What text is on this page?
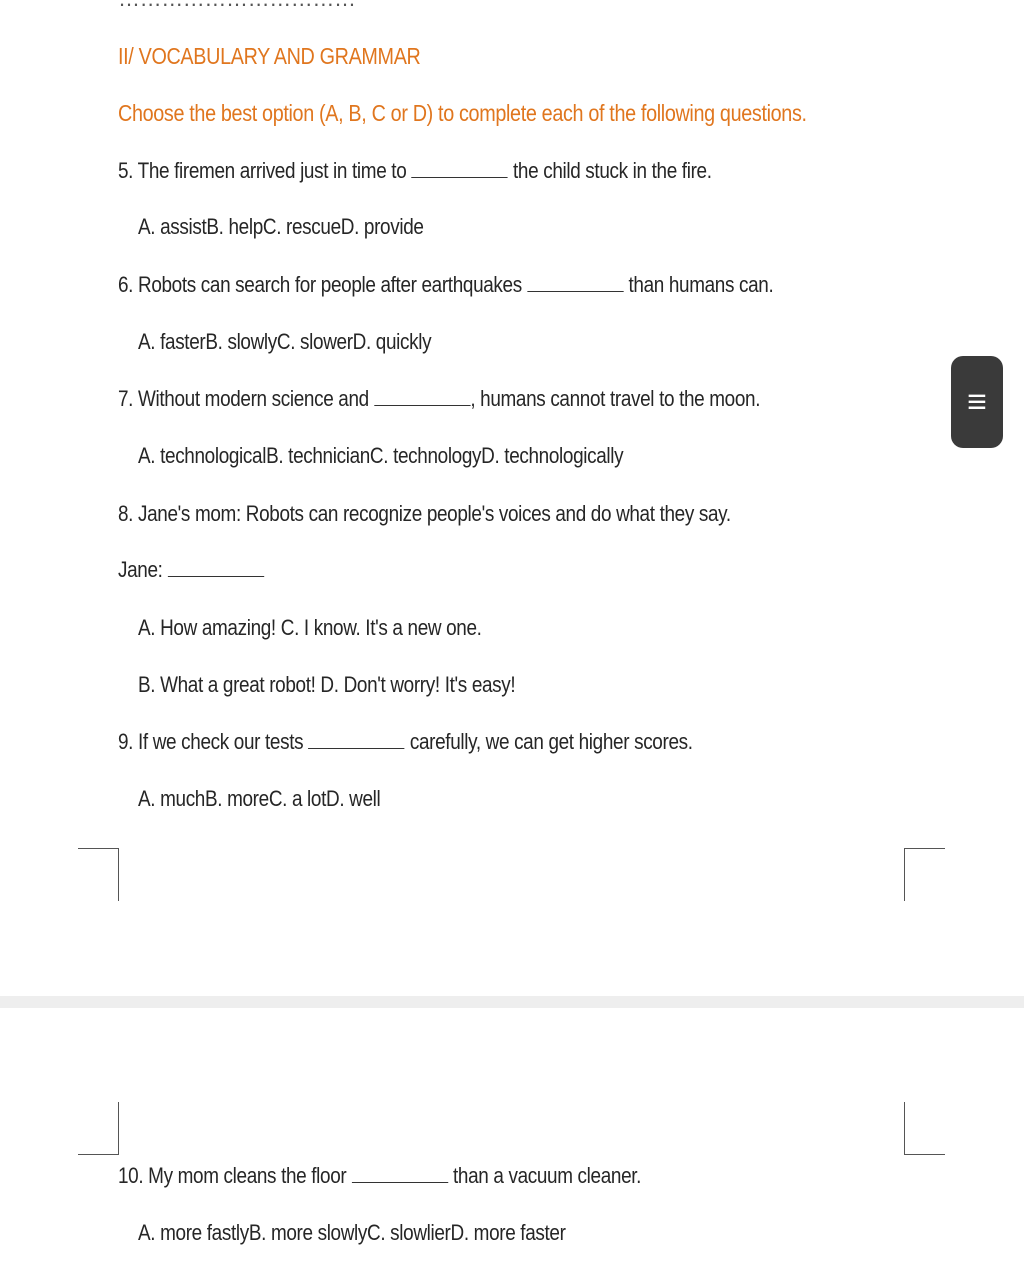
II/ VOCABULARY AND GRAMMAR
Choose the best option (A, B, C or D) to complete each of the following questions.
5. The firemen arrived just in time to	the child stuck in the fire.
A. assistB. helpC. rescueD. provide
6. Robots can search for people after earthquakes	than humans can.
A. fasterB. slowlyC. slowerD. quickly
7. Without modern science and	, humans cannot travel to the moon.
A. technologicalB. technicianC. technologyD. technologically
8. Jane's mom: Robots can recognize people's voices and do what they say.
Jane:
A. How amazing! C. I know. It's a new one.
B. What a great robot! D. Don't worry! It's easy!
9. If we check our tests	carefully, we can get higher scores.
A. muchB. moreC. a lotD. well
10. My mom cleans the floor	than a vacuum cleaner.
A. more fastlyB. more slowlyC. slowlierD. more faster
≡
